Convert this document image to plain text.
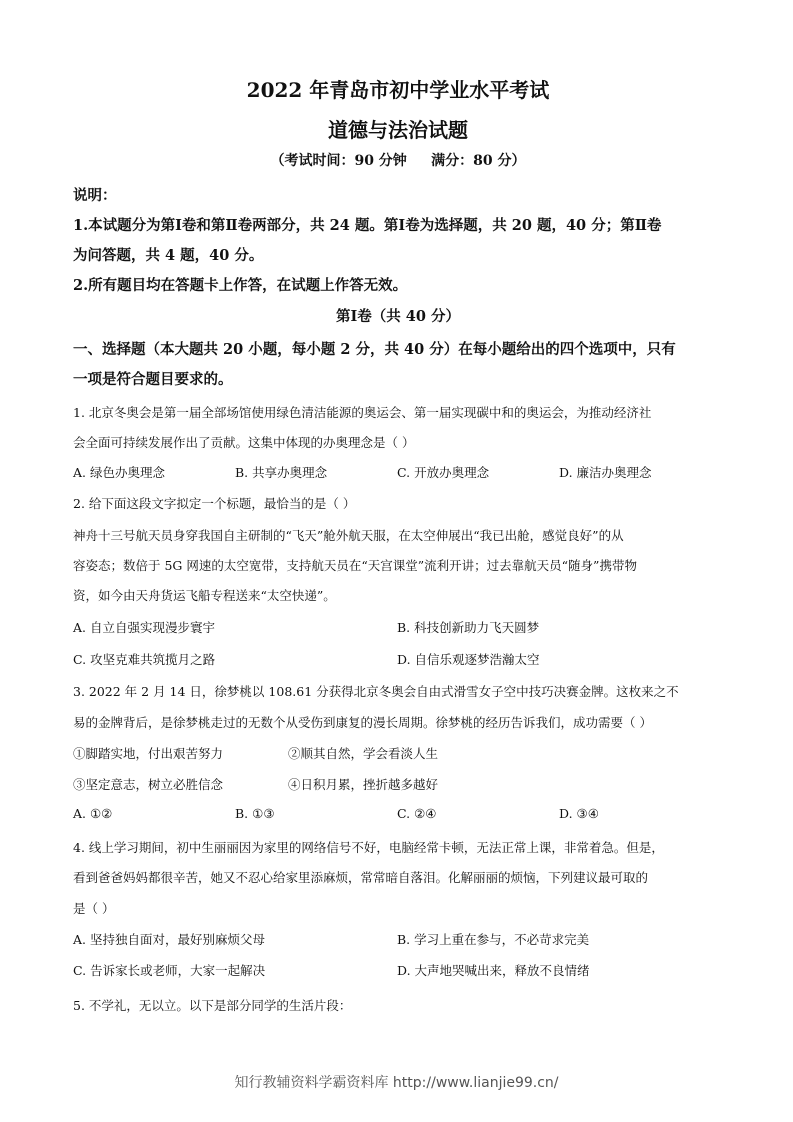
2022 年青岛市初中学业水平考试
道德与法治试题
（考试时间：90 分钟     满分：80 分）
说明：
1.本试题分为第Ⅰ卷和第Ⅱ卷两部分，共 24 题。第Ⅰ卷为选择题，共 20 题，40 分；第Ⅱ卷
为问答题，共 4 题，40 分。
2.所有题目均在答题卡上作答，在试题上作答无效。
第Ⅰ卷（共 40 分）
一、选择题（本大题共 20 小题，每小题 2 分，共 40 分）在每小题给出的四个选项中，只有
一项是符合题目要求的。
1. 北京冬奥会是第一届全部场馆使用绿色清洁能源的奥运会、第一届实现碳中和的奥运会，为推动经济社
会全面可持续发展作出了贡献。这集中体现的办奥理念是（ ）
A. 绿色办奥理念	B. 共享办奥理念	C. 开放办奥理念	D. 廉洁办奥理念
2. 给下面这段文字拟定一个标题，最恰当的是（ ）
神舟十三号航天员身穿我国自主研制的“飞天”舱外航天服，在太空伸展出“我已出舱，感觉良好”的从
容姿态；数倍于 5G 网速的太空宽带，支持航天员在“天宫课堂”流利开讲；过去靠航天员“随身”携带物
资，如今由天舟货运飞船专程送来“太空快递”。
A. 自立自强实现漫步寰宇	B. 科技创新助力飞天圆梦
C. 攻坚克难共筑揽月之路	D. 自信乐观逐梦浩瀚太空
3. 2022 年 2 月 14 日，徐梦桃以 108.61 分获得北京冬奥会自由式滑雪女子空中技巧决赛金牌。这枚来之不
易的金牌背后，是徐梦桃走过的无数个从受伤到康复的漫长周期。徐梦桃的经历告诉我们，成功需要（ ）
①脚踏实地，付出艰苦努力	②顺其自然，学会看淡人生
③坚定意志，树立必胜信念	④日积月累，挫折越多越好
A. ①②	B. ①③	C. ②④	D. ③④
4. 线上学习期间，初中生丽丽因为家里的网络信号不好，电脑经常卡顿，无法正常上课，非常着急。但是，
看到爸爸妈妈都很辛苦，她又不忍心给家里添麻烦，常常暗自落泪。化解丽丽的烦恼，下列建议最可取的
是（ ）
A. 坚持独自面对，最好别麻烦父母	B. 学习上重在参与，不必苛求完美
C. 告诉家长或老师，大家一起解决	D. 大声地哭喊出来，释放不良情绪
5. 不学礼，无以立。以下是部分同学的生活片段：
知行教辅资料学霸资料库 http://www.lianjie99.cn/
